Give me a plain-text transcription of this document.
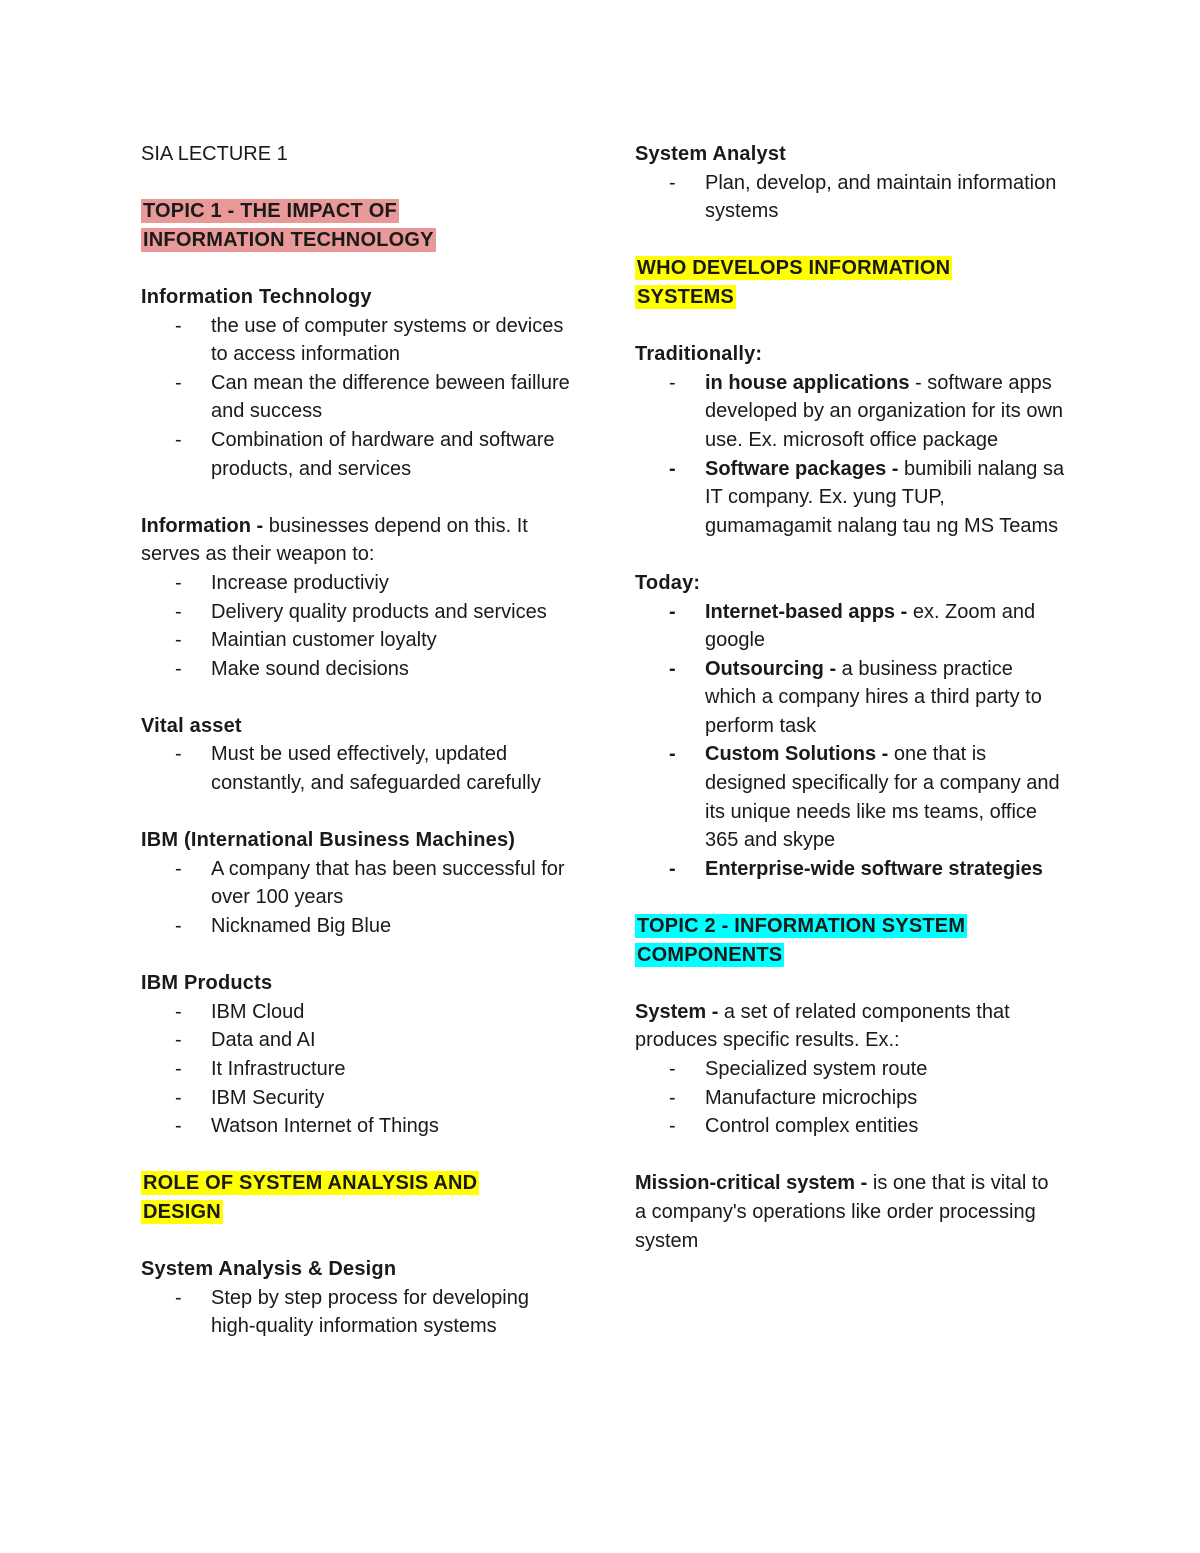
SIA LECTURE 1

TOPIC 1 - THE IMPACT OF
INFORMATION TECHNOLOGY

Information Technology

- the use of computer systems or devices to access information
- Can mean the difference beween faillure and success
- Combination of hardware and software products, and services

Information - businesses depend on this. It serves as their weapon to:

- Increase productiviy
- Delivery quality products and services
- Maintian customer loyalty
- Make sound decisions

Vital asset

- Must be used effectively, updated constantly, and safeguarded carefully

IBM (International Business Machines)

- A company that has been successful for over 100 years
- Nicknamed Big Blue

IBM Products

- IBM Cloud
- Data and AI
- It Infrastructure
- IBM Security
- Watson Internet of Things

ROLE OF SYSTEM ANALYSIS AND
DESIGN

System Analysis & Design

- Step by step process for developing high-quality information systems

System Analyst

- Plan, develop, and maintain information systems

WHO DEVELOPS INFORMATION
SYSTEMS

Traditionally:

- in house applications - software apps developed by an organization for its own use. Ex. microsoft office package
- Software packages - bumibili nalang sa IT company. Ex. yung TUP, gumamagamit nalang tau ng MS Teams

Today:

- Internet-based apps - ex. Zoom and google
- Outsourcing - a business practice which a company hires a third party to perform task
- Custom Solutions - one that is designed specifically for a company and its unique needs like ms teams, office 365 and skype
- Enterprise-wide software strategies

TOPIC 2 - INFORMATION SYSTEM
COMPONENTS

System - a set of related components that produces specific results. Ex.:

- Specialized system route
- Manufacture microchips
- Control complex entities

Mission-critical system - is one that is vital to a company's operations like order processing system
